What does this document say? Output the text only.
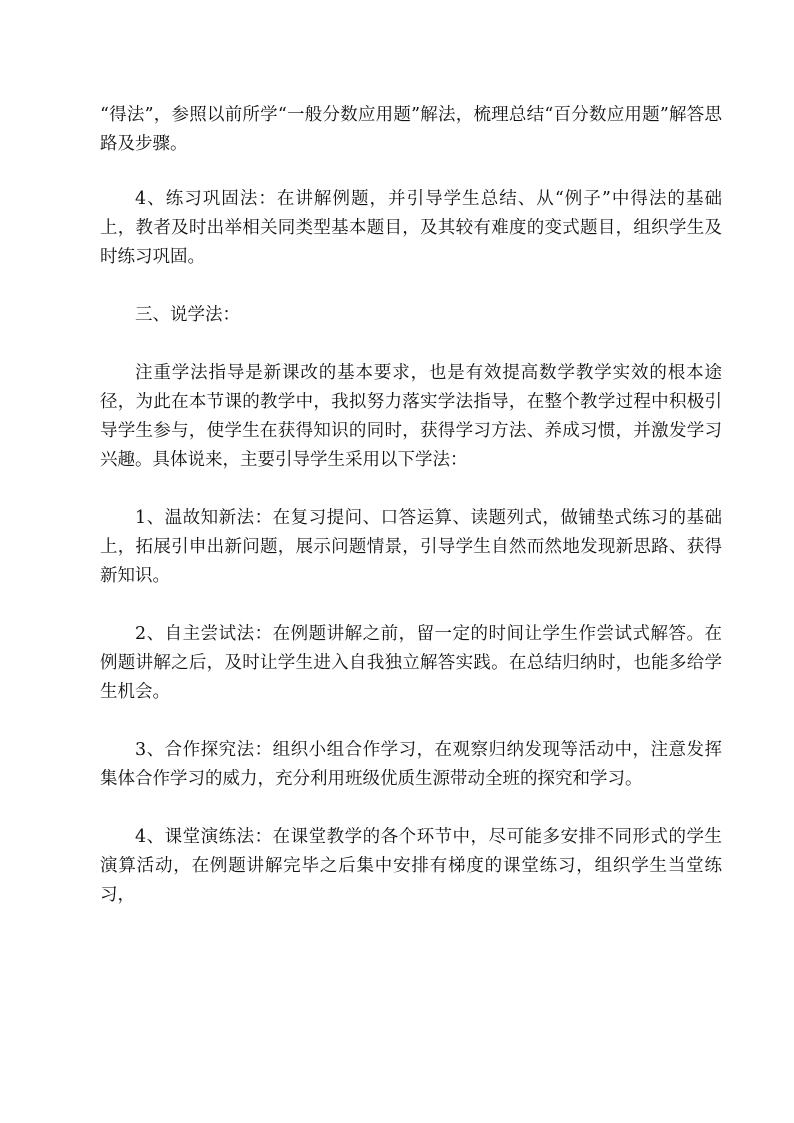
“得法”，参照以前所学“一般分数应用题”解法，梳理总结“百分数应用题”解答思路及步骤。

4、练习巩固法：在讲解例题，并引导学生总结、从“例子”中得法的基础上，教者及时出举相关同类型基本题目，及其较有难度的变式题目，组织学生及时练习巩固。

三、说学法：

注重学法指导是新课改的基本要求，也是有效提高数学教学实效的根本途径，为此在本节课的教学中，我拟努力落实学法指导，在整个教学过程中积极引导学生参与，使学生在获得知识的同时，获得学习方法、养成习惯，并激发学习兴趣。具体说来，主要引导学生采用以下学法：

1、温故知新法：在复习提问、口答运算、读题列式，做铺垫式练习的基础上，拓展引申出新问题，展示问题情景，引导学生自然而然地发现新思路、获得新知识。

2、自主尝试法：在例题讲解之前，留一定的时间让学生作尝试式解答。在例题讲解之后，及时让学生进入自我独立解答实践。在总结归纳时，也能多给学生机会。

3、合作探究法：组织小组合作学习，在观察归纳发现等活动中，注意发挥集体合作学习的威力，充分利用班级优质生源带动全班的探究和学习。

4、课堂演练法：在课堂教学的各个环节中，尽可能多安排不同形式的学生演算活动，在例题讲解完毕之后集中安排有梯度的课堂练习，组织学生当堂练习，
